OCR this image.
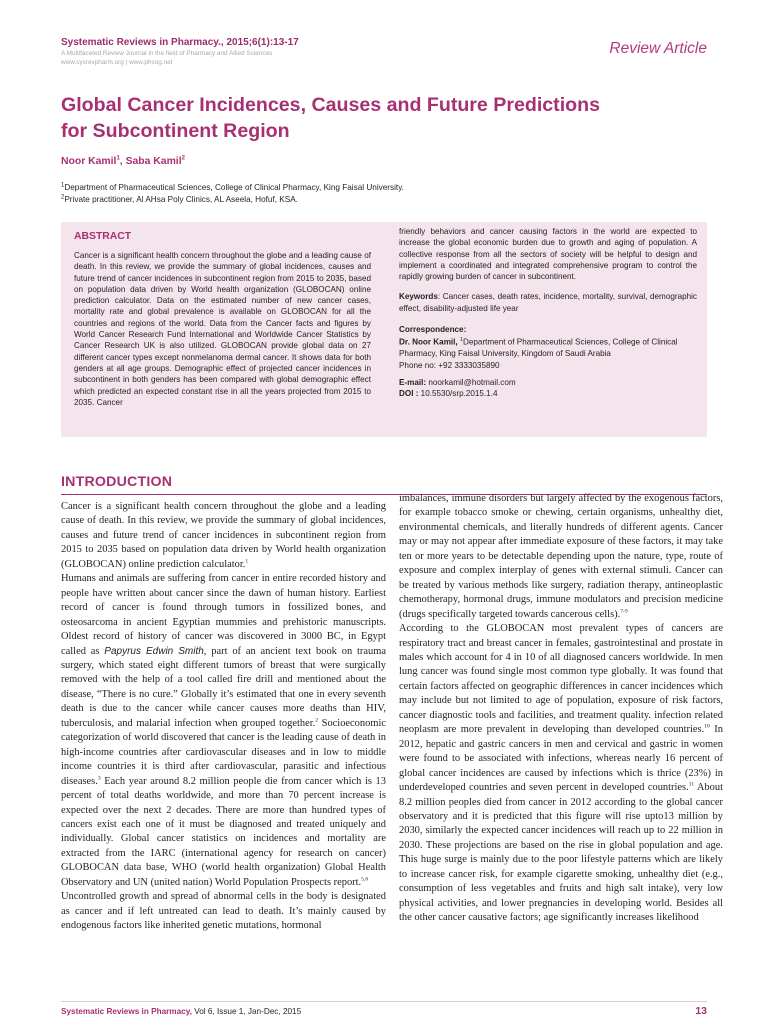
Systematic Reviews in Pharmacy., 2015;6(1):13-17
A Multifaceted Review Journal in the field of Pharmacy and Allied Sciences
www.sysrevpharm.org | www.phcog.net
Review Article
Global Cancer Incidences, Causes and Future Predictions
for Subcontinent Region
Noor Kamil$^1$, Saba Kamil$^2$
$^1$Department of Pharmaceutical Sciences, College of Clinical Pharmacy, King Faisal University.
$^2$Private practitioner, Al AHsa Poly Clinics, AL Aseela, Hofuf, KSA.
ABSTRACT
Cancer is a significant health concern throughout the globe and a leading cause of death. In this review, we provide the summary of global incidences, causes and future trend of cancer incidences in subcontinent region from 2015 to 2035, based on population data driven by World health organization (GLOBOCAN) online prediction calculator. Data on the estimated number of new cancer cases, mortality rate and global prevalence is available on GLOBOCAN for all the countries and regions of the world. Data from the Cancer facts and figures by World Cancer Research Fund International and Worldwide Cancer Statistics by Cancer Research UK is also utilized. GLOBOCAN provide global data on 27 different cancer types except nonmelanoma dermal cancer. It shows data for both genders at all age groups. Demographic effect of projected cancer incidences in subcontinent in both genders has been compared with global demographic effect which predicted an expected constant rise in all the years projected from 2015 to 2035. Cancer
friendly behaviors and cancer causing factors in the world are expected to increase the global economic burden due to growth and aging of population. A collective response from all the sectors of society will be helpful to design and implement a coordinated and integrated comprehensive program to control the rapidly growing burden of cancer in subcontinent.
Keywords: Cancer cases, death rates, incidence, mortality, survival, demographic effect, disability-adjusted life year
Correspondence:
Dr. Noor Kamil, $^1$Department of Pharmaceutical Sciences, College of Clinical Pharmacy, King Faisal University, Kingdom of Saudi Arabia
Phone no: +92 3333035890
E-mail: noorkamil@hotmail.com
DOI : 10.5530/srp.2015.1.4
INTRODUCTION

Cancer is a significant health concern throughout the globe and a leading cause of death. In this review, we provide the summary of global incidences, causes and future trend of cancer incidences in subcontinent region from 2015 to 2035 based on population data driven by World health organization (GLOBOCAN) online prediction calculator.$^1$

Humans and animals are suffering from cancer in entire recorded history and people have written about cancer since the dawn of human history. Earliest record of cancer is found through tumors in fossilized bones, and osteosarcoma in ancient Egyptian mummies and prehistoric manuscripts. Oldest record of history of cancer was discovered in 3000 BC, in Egypt called as Papyrus Edwin Smith, part of an ancient text book on trauma surgery, which stated eight different tumors of breast that were surgically removed with the help of a tool called fire drill and mentioned about the disease, “There is no cure.” Globally it’s estimated that one in every seventh death is due to the cancer while cancer causes more deaths than HIV, tuberculosis, and malarial infection when grouped together.$^2$ Socioeconomic categorization of world discovered that cancer is the leading cause of death in high-income countries after cardiovascular diseases and in low to middle income countries it is third after cardiovascular, parasitic and infectious diseases.$^3$ Each year around 8.2 million people die from cancer which is 13 percent of total deaths worldwide, and more than 70 percent increase is expected over the next 2 decades. There are more than hundred types of cancers exist each one of it must be diagnosed and treated uniquely and individually. Global cancer statistics on incidences and mortality are extracted from the IARC (international agency for research on cancer) GLOBOCAN data base, WHO (world health organization) Global Health Observatory and UN (united nation) World Population Prospects report.$^{5,6}$

Uncontrolled growth and spread of abnormal cells in the body is designated as cancer and if left untreated can lead to death. It’s mainly caused by endogenous factors like inherited genetic mutations, hormonal

imbalances, immune disorders but largely affected by the exogenous factors, for example tobacco smoke or chewing, certain organisms, unhealthy diet, environmental chemicals, and literally hundreds of different agents. Cancer may or may not appear after immediate exposure of these factors, it may take ten or more years to be detectable depending upon the nature, type, route of exposure and complex interplay of genes with external stimuli. Cancer can be treated by various methods like surgery, radiation therapy, antineoplastic chemotherapy, hormonal drugs, immune modulators and precision medicine (drugs specifically targeted towards cancerous cells).$^{7-9}$

According to the GLOBOCAN most prevalent types of cancers are respiratory tract and breast cancer in females, gastrointestinal and prostate in males which account for 4 in 10 of all diagnosed cancers worldwide. In men lung cancer was found single most common type globally. It was found that certain factors affected on geographic differences in cancer incidences which may include but not limited to age of population, exposure of risk factors, cancer diagnostic tools and facilities, and treatment quality. infection related neoplasm are more prevalent in developing than developed countries.$^{10}$ In 2012, hepatic and gastric cancers in men and cervical and gastric in women were found to be associated with infections, whereas nearly 16 percent of global cancer incidences are caused by infections which is thrice (23%) in underdeveloped countries and seven percent in developed countries.$^{11}$ About 8.2 million peoples died from cancer in 2012 according to the global cancer observatory and it is predicted that this figure will rise upto13 million by 2030, similarly the expected cancer incidences will reach up to 22 million in 2030. These projections are based on the rise in global population and age. This huge surge is mainly due to the poor lifestyle patterns which are likely to increase cancer risk, for example cigarette smoking, unhealthy diet (e.g., consumption of less vegetables and fruits and high salt intake), very low physical activities, and lower pregnancies in developing world. Besides all the other cancer causative factors; age significantly increases likelihood

Systematic Reviews in Pharmacy, Vol 6, Issue 1, Jan-Dec, 2015	13
